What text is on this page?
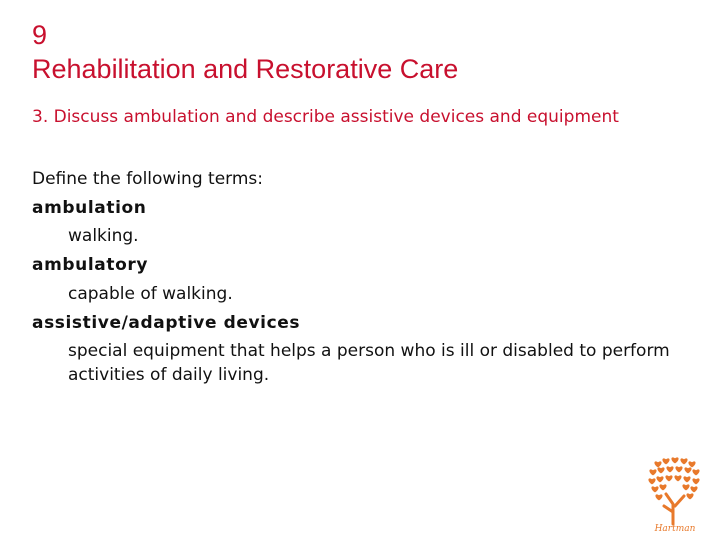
9
Rehabilitation and Restorative Care
3. Discuss ambulation and describe assistive devices and equipment
Define the following terms:
ambulation
walking.
ambulatory
capable of walking.
assistive/adaptive devices
special equipment that helps a person who is ill or disabled to perform activities of daily living.
Hartman
